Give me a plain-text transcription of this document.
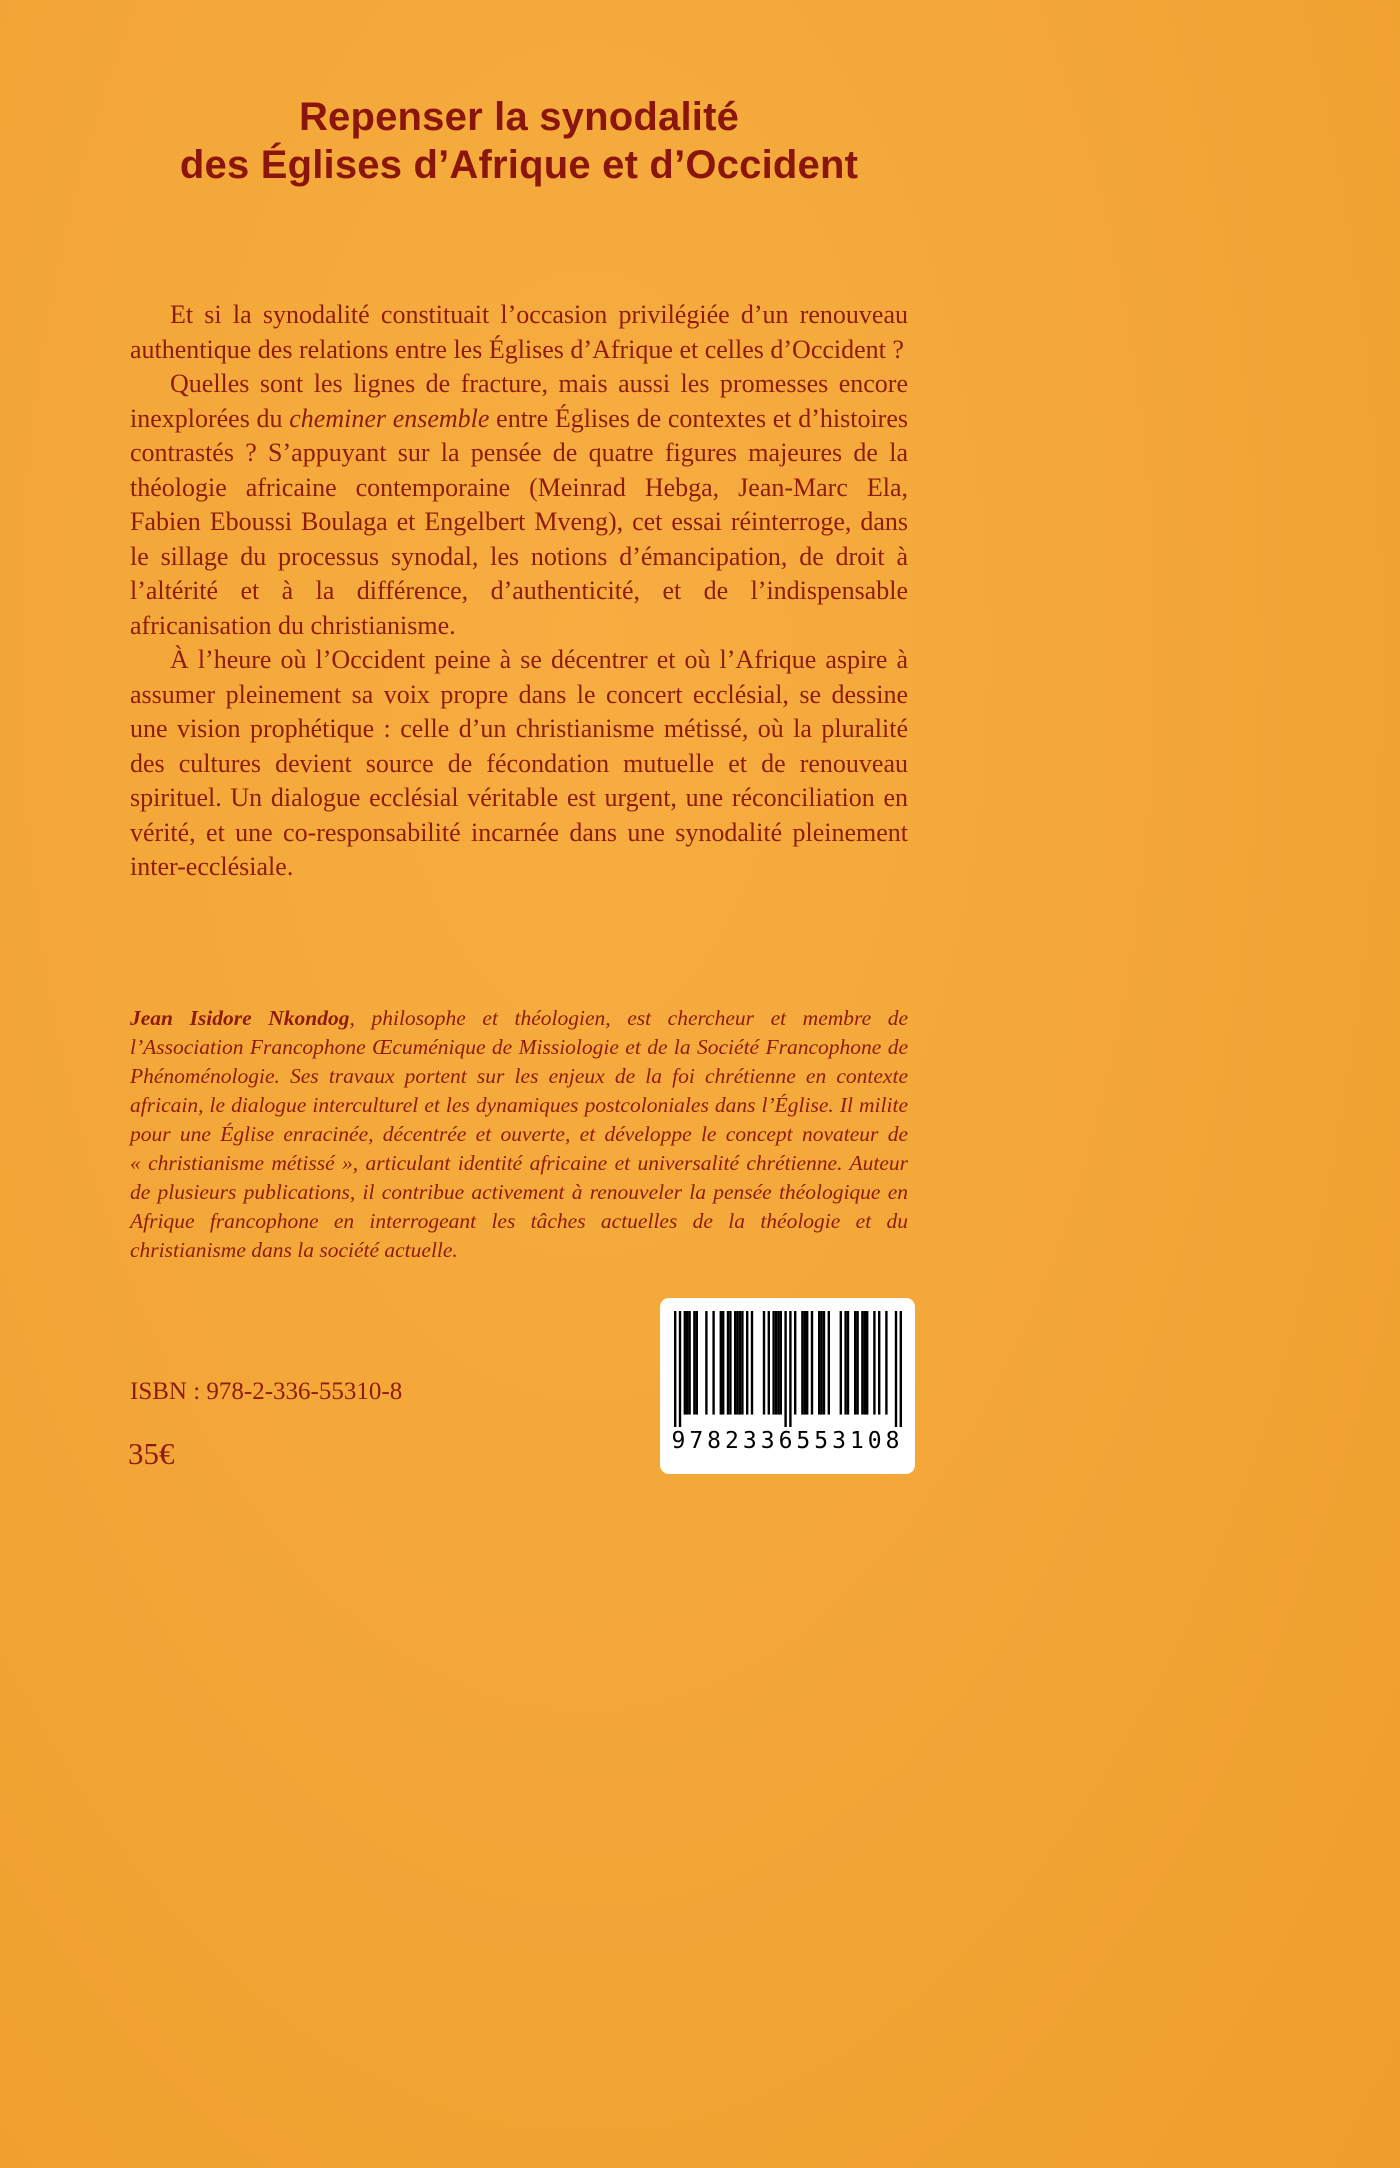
Repenser la synodalité
des Églises d’Afrique et d’Occident

Et si la synodalité constituait l’occasion privilégiée d’un renouveau authentique des relations entre les Églises d’Afrique et celles d’Occident ?

Quelles sont les lignes de fracture, mais aussi les promesses encore inexplorées du cheminer ensemble entre Églises de contextes et d’histoires contrastés ? S’appuyant sur la pensée de quatre figures majeures de la théologie africaine contemporaine (Meinrad Hebga, Jean-Marc Ela, Fabien Eboussi Boulaga et Engelbert Mveng), cet essai réinterroge, dans le sillage du processus synodal, les notions d’émancipation, de droit à l’altérité et à la différence, d’authenticité, et de l’indispensable africanisation du christianisme.

À l’heure où l’Occident peine à se décentrer et où l’Afrique aspire à assumer pleinement sa voix propre dans le concert ecclésial, se dessine une vision prophétique : celle d’un christianisme métissé, où la pluralité des cultures devient source de fécondation mutuelle et de renouveau spirituel. Un dialogue ecclésial véritable est urgent, une réconciliation en vérité, et une co-responsabilité incarnée dans une synodalité pleinement inter-ecclésiale.

Jean Isidore Nkondog, philosophe et théologien, est chercheur et membre de l’Association Francophone Œcuménique de Missiologie et de la Société Francophone de Phénoménologie. Ses travaux portent sur les enjeux de la foi chrétienne en contexte africain, le dialogue interculturel et les dynamiques postcoloniales dans l’Église. Il milite pour une Église enracinée, décentrée et ouverte, et développe le concept novateur de « christianisme métissé », articulant identité africaine et universalité chrétienne. Auteur de plusieurs publications, il contribue activement à renouveler la pensée théologique en Afrique francophone en interrogeant les tâches actuelles de la théologie et du christianisme dans la société actuelle.

9782336553108
ISBN : 978-2-336-55310-8
35€
